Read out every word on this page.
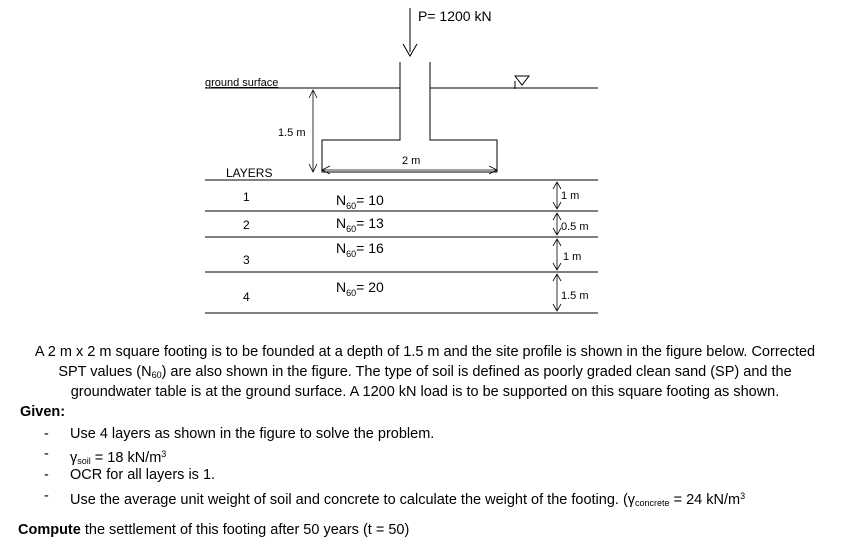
P= 1200 kN
ground surface
1.5 m
2 m
LAYERS
1
2
3
4
$N_{60}= 10$
$N_{60}= 13$
$N_{60}= 16$
$N_{60}= 20$
1 m
0.5 m
1 m
1.5 m
A 2 m x 2 m square footing is to be founded at a depth of 1.5 m and the site profile is shown in the figure below. Corrected
SPT values $(N_{60})$ are also shown in the figure. The type of soil is defined as poorly graded clean sand (SP) and the
groundwater table is at the ground surface. A 1200 kN load is to be supported on this square footing as shown.
Given:
- Use 4 layers as shown in the figure to solve the problem.
- $\gamma_{soil} = 18$ $kN/m^3$
- OCR for all layers is 1.
- Use the average unit weight of soil and concrete to calculate the weight of the footing. ($\gamma_{concrete} = 24$ $kN/m^3$
Compute the settlement of this footing after 50 years (t = 50)
